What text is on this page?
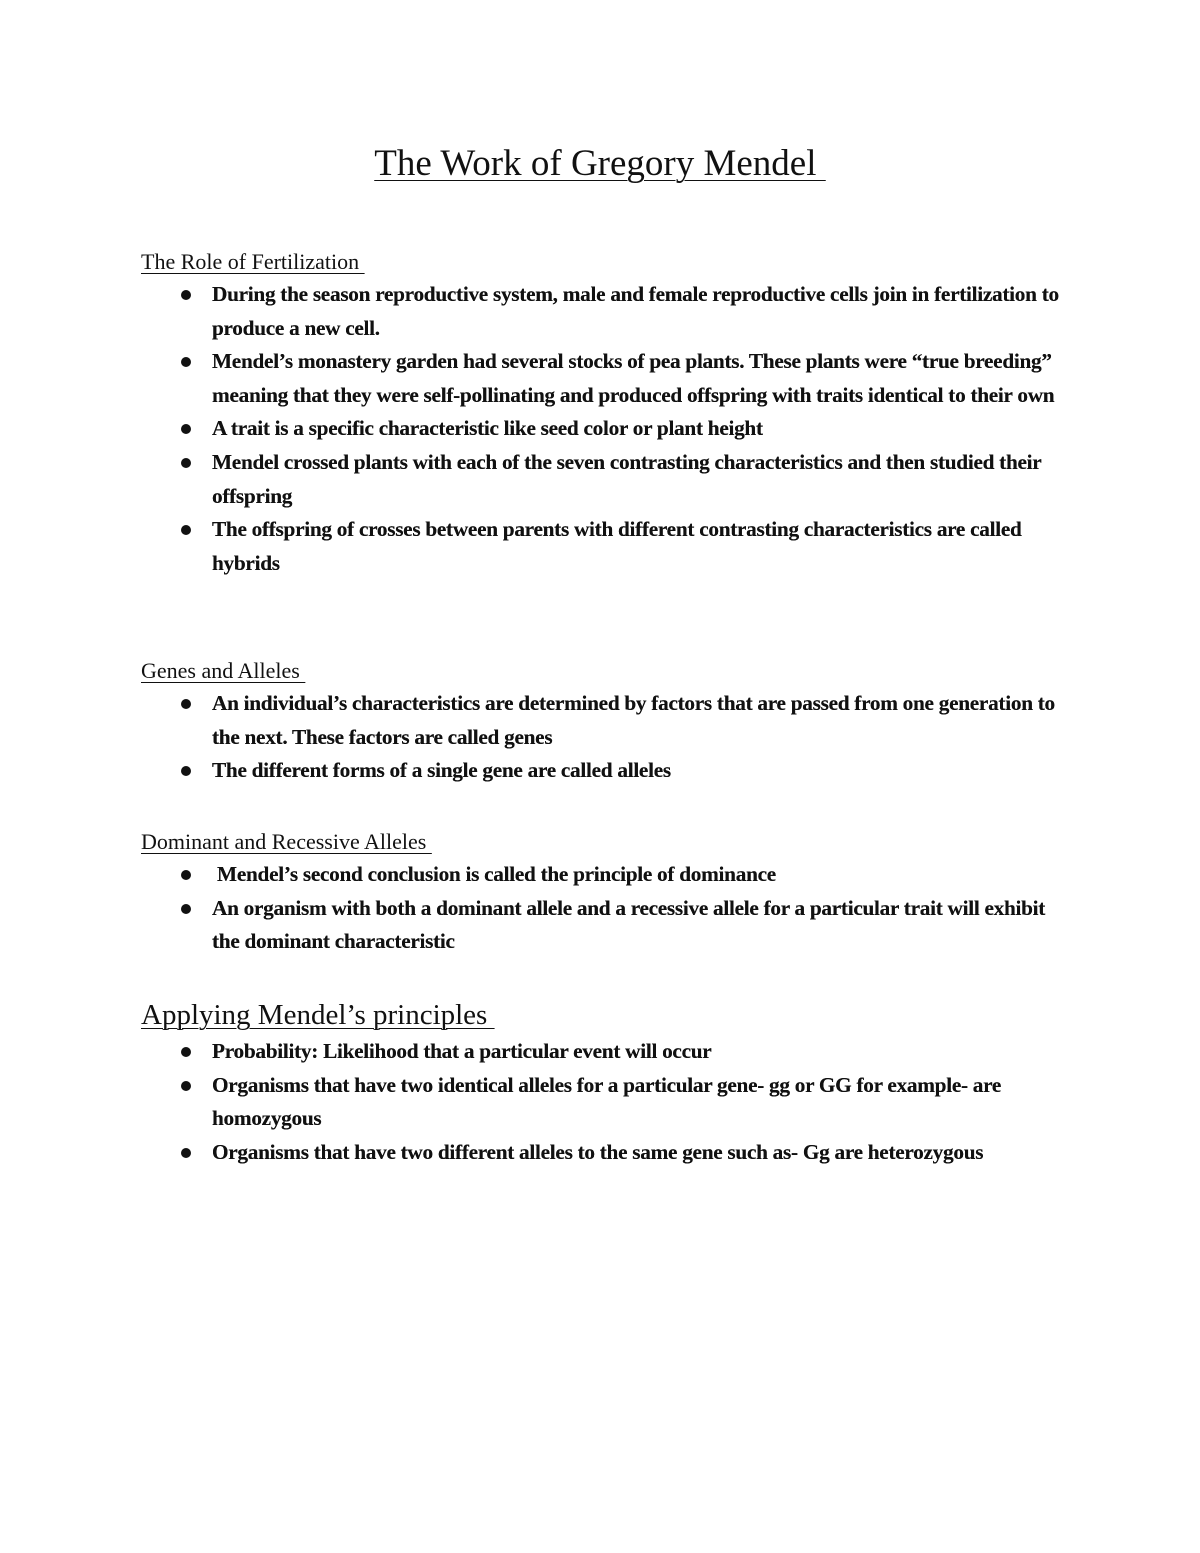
The Work of Gregory Mendel
The Role of Fertilization
During the season reproductive system, male and female reproductive cells join in fertilization to produce a new cell.
Mendel’s monastery garden had several stocks of pea plants. These plants were “true breeding” meaning that they were self-pollinating and produced offspring with traits identical to their own
A trait is a specific characteristic like seed color or plant height
Mendel crossed plants with each of the seven contrasting characteristics and then studied their offspring
The offspring of crosses between parents with different contrasting characteristics are called hybrids
Genes and Alleles
An individual’s characteristics are determined by factors that are passed from one generation to the next. These factors are called genes
The different forms of a single gene are called alleles
Dominant and Recessive Alleles
Mendel’s second conclusion is called the principle of dominance
An organism with both a dominant allele and a recessive allele for a particular trait will exhibit the dominant characteristic
Applying Mendel’s principles
Probability: Likelihood that a particular event will occur
Organisms that have two identical alleles for a particular gene- gg or GG for example- are homozygous
Organisms that have two different alleles to the same gene such as- Gg are heterozygous
